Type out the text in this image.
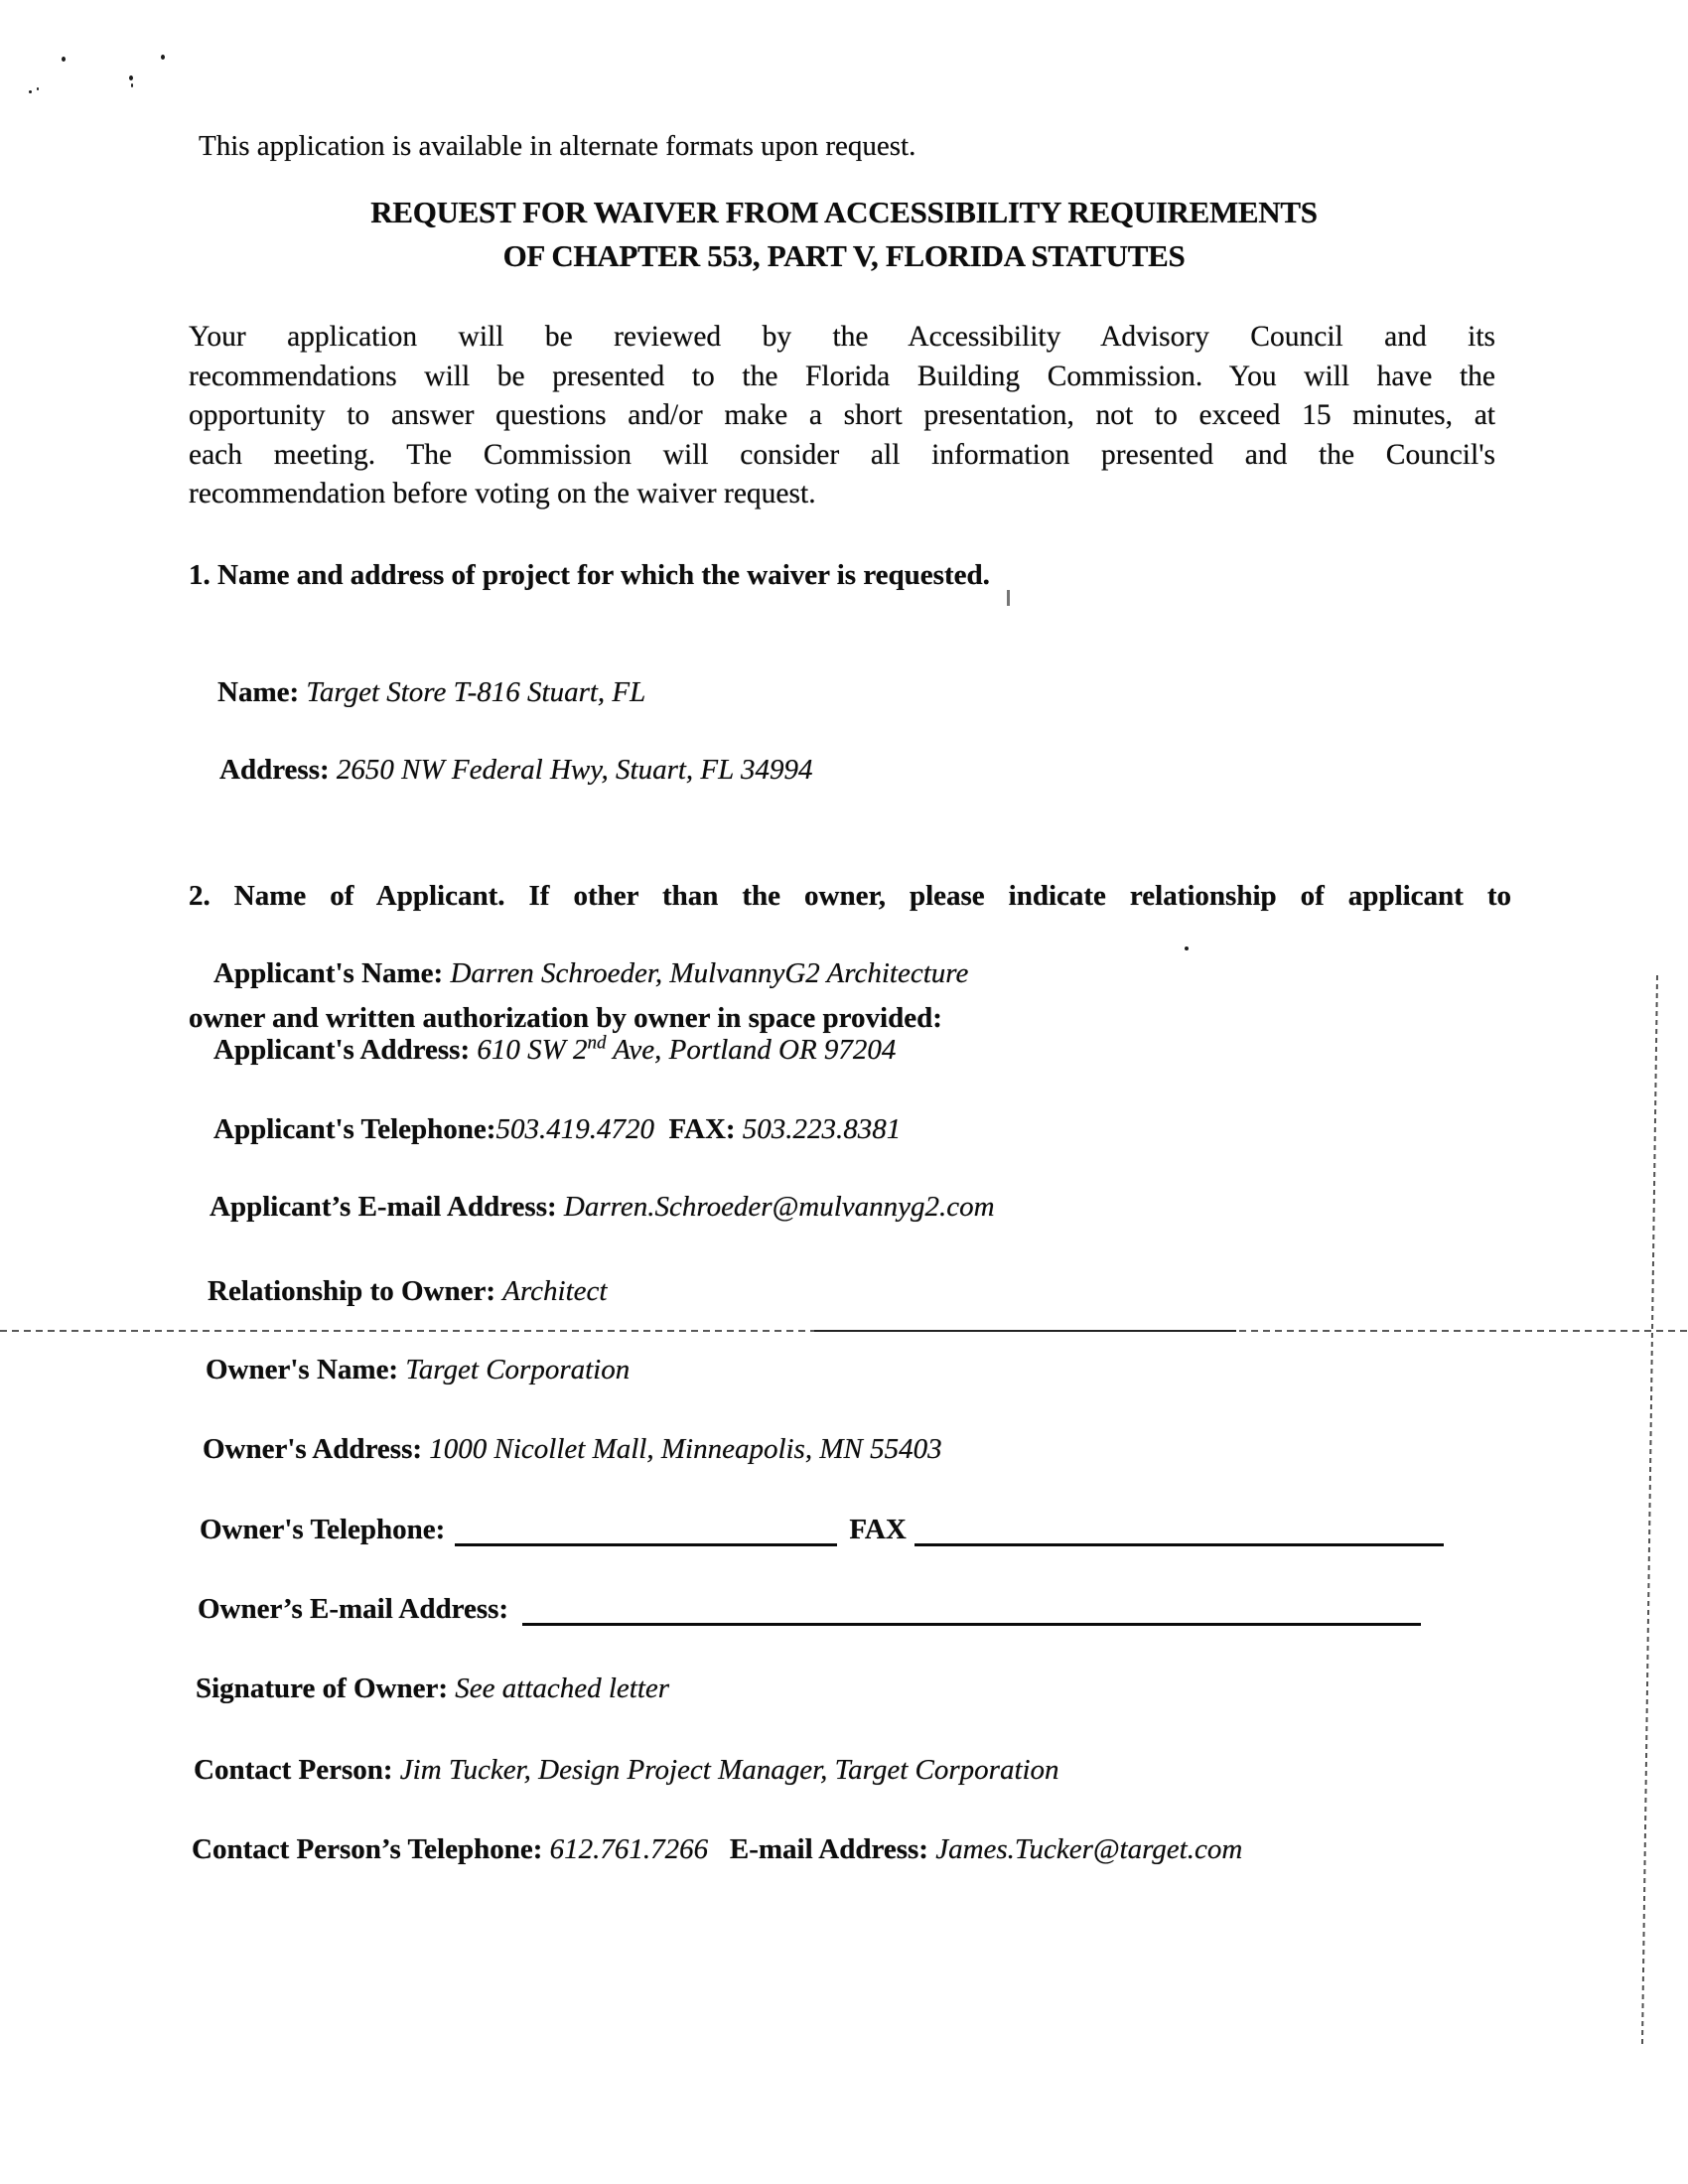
This application is available in alternate formats upon request.
REQUEST FOR WAIVER FROM ACCESSIBILITY REQUIREMENTS
OF CHAPTER 553, PART V, FLORIDA STATUTES
Your application will be reviewed by the Accessibility Advisory Council and its
recommendations will be presented to the Florida Building Commission. You will have the
opportunity to answer questions and/or make a short presentation, not to exceed 15 minutes, at
each meeting. The Commission will consider all information presented and the Council's
recommendation before voting on the waiver request.
1. Name and address of project for which the waiver is requested.

Name: Target Store T-816 Stuart, FL

Address: 2650 NW Federal Hwy, Stuart, FL 34994

2. Name of Applicant. If other than the owner, please indicate relationship of applicant to

owner and written authorization by owner in space provided:

Applicant's Name: Darren Schroeder, MulvannyG2 Architecture

Applicant's Address: 610 SW 2nd Ave, Portland OR 97204

Applicant's Telephone:503.419.4720  FAX: 503.223.8381

Applicant’s E-mail Address: Darren.Schroeder@mulvannyg2.com

Relationship to Owner: Architect

Owner's Name: Target Corporation

Owner's Address: 1000 Nicollet Mall, Minneapolis, MN 55403

Owner's Telephone:	FAX

Owner’s E-mail Address:

Signature of Owner: See attached letter

Contact Person: Jim Tucker, Design Project Manager, Target Corporation

Contact Person’s Telephone: 612.761.7266   E-mail Address: James.Tucker@target.com
